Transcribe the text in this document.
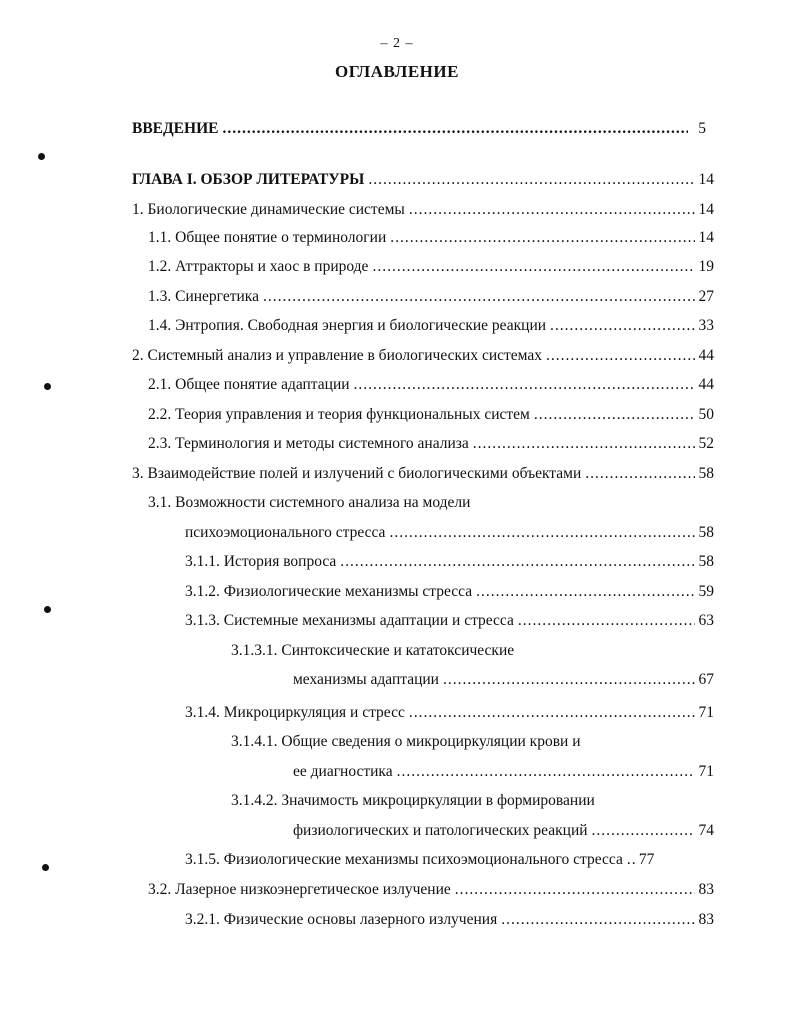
– 2 –
ОГЛАВЛЕНИЕ
ВВЕДЕНИЕ .....	5
ГЛАВА I. ОБЗОР ЛИТЕРАТУРЫ .....	14
1. Биологические динамические системы .....	14
1.1. Общее понятие о терминологии .....	14
1.2. Аттракторы и хаос в природе .....	19
1.3. Синергетика .....	27
1.4. Энтропия. Свободная энергия и биологические реакции .....	33
2. Системный анализ и управление в биологических системах .....	44
2.1. Общее понятие адаптации .....	44
2.2. Теория управления и теория функциональных систем .....	50
2.3. Терминология и методы системного анализа .....	52
3. Взаимодействие полей и излучений с биологическими объектами .....	58
3.1. Возможности системного анализа на модели
психоэмоционального стресса .....	58
3.1.1. История вопроса .....	58
3.1.2. Физиологические механизмы стресса .....	59
3.1.3. Системные механизмы адаптации и стресса .....	63
3.1.3.1. Синтоксические и кататоксические
механизмы адаптации .....	67
3.1.4. Микроциркуляция и стресс .....	71
3.1.4.1. Общие сведения о микроциркуляции крови и
ее диагностика .....	71
3.1.4.2. Значимость микроциркуляции в формировании
физиологических и патологических реакций .....	74
3.1.5. Физиологические механизмы психоэмоционального стресса ..... 77
3.2. Лазерное низкоэнергетическое излучение .....	83
3.2.1. Физические основы лазерного излучения .....	83
